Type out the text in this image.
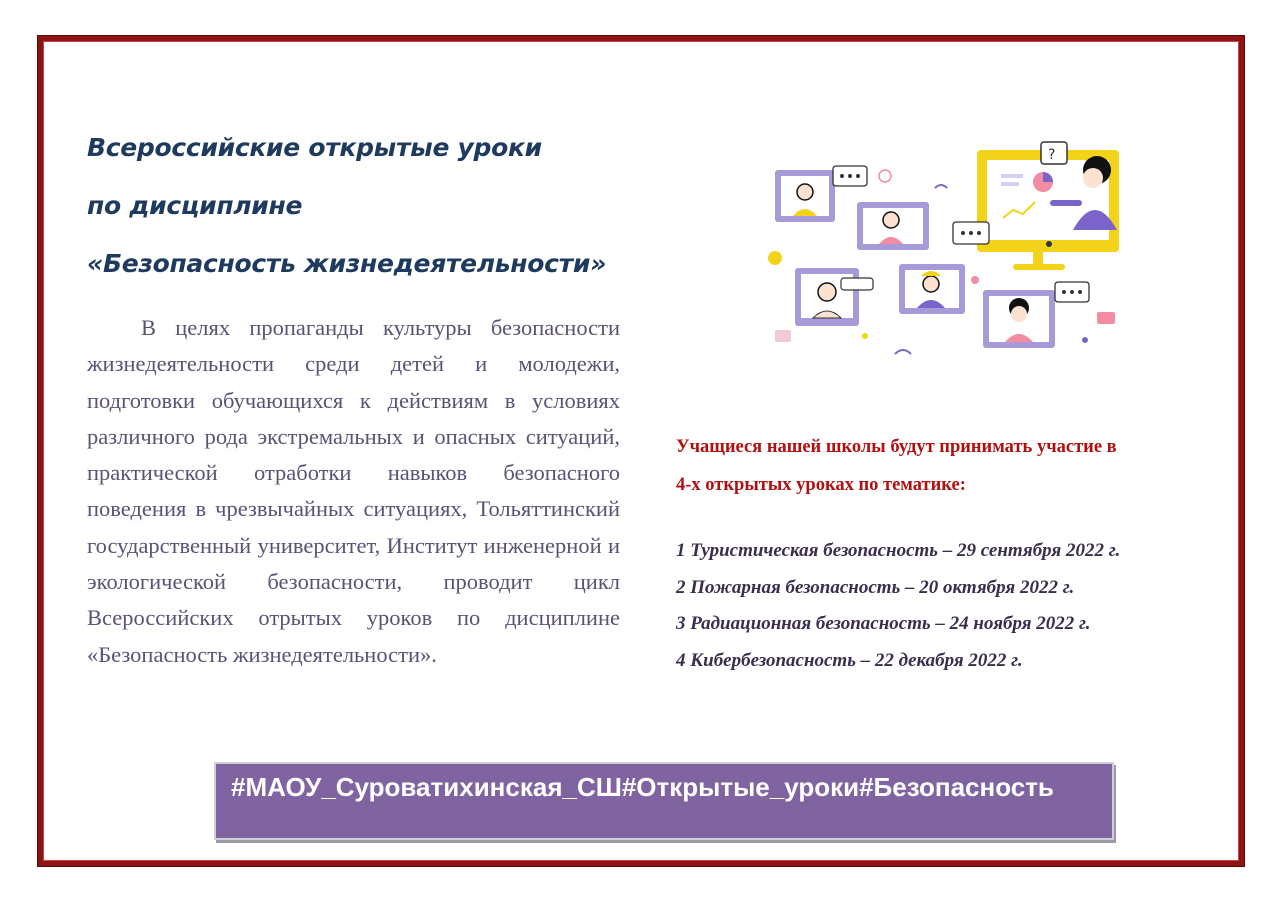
Всероссийские открытые уроки
по дисциплине
«Безопасность жизнедеятельности»
В целях пропаганды культуры безопасности жизнедеятельности среди детей и молодежи, подготовки обучающихся к действиям в условиях различного рода экстремальных и опасных ситуаций, практической отработки навыков безопасного поведения в чрезвычайных ситуациях, Тольяттинский государственный университет, Институт инженерной и экологической безопасности, проводит цикл Всероссийских отрытых уроков по дисциплине «Безопасность жизнедеятельности».
?
Учащиеся нашей школы будут принимать участие в
4-х открытых уроках по тематике:
1 Туристическая безопасность – 29 сентября 2022 г.
2 Пожарная безопасность – 20 октября 2022 г.
3 Радиационная безопасность – 24 ноября 2022 г.
4 Кибербезопасность – 22 декабря 2022 г.
#МАОУ_Суроватихинская_СШ#Открытые_уроки#Безопасность
